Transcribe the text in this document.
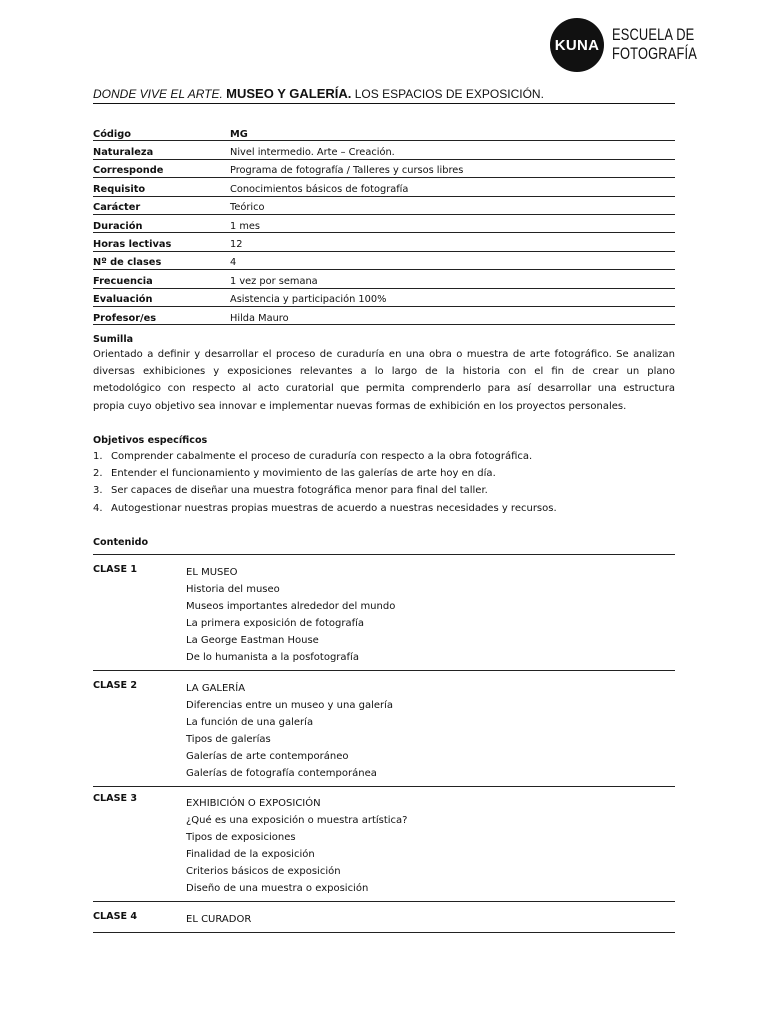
KUNA
ESCUELA DE
FOTOGRAFÍA
DONDE VIVE EL ARTE. MUSEO Y GALERÍA. LOS ESPACIOS DE EXPOSICIÓN.
Código	MG
Naturaleza	Nivel intermedio. Arte – Creación.
Corresponde	Programa de fotografía / Talleres y cursos libres
Requisito	Conocimientos básicos de fotografía
Carácter	Teórico
Duración	1 mes
Horas lectivas	12
Nº de clases	4
Frecuencia	1 vez por semana
Evaluación	Asistencia y participación 100%
Profesor/es	Hilda Mauro
Sumilla
Orientado a definir y desarrollar el proceso de curaduría en una obra o muestra de arte fotográfico. Se analizan
diversas exhibiciones y exposiciones relevantes a lo largo de la historia con el fin de crear un plano
metodológico con respecto al acto curatorial que permita comprenderlo para así desarrollar una estructura
propia cuyo objetivo sea innovar e implementar nuevas formas de exhibición en los proyectos personales.
Objetivos específicos
1. Comprender cabalmente el proceso de curaduría con respecto a la obra fotográfica.
2. Entender el funcionamiento y movimiento de las galerías de arte hoy en día.
3. Ser capaces de diseñar una muestra fotográfica menor para final del taller.
4. Autogestionar nuestras propias muestras de acuerdo a nuestras necesidades y recursos.
Contenido
CLASE 1	EL MUSEO
Historia del museo
Museos importantes alrededor del mundo
La primera exposición de fotografía
La George Eastman House
De lo humanista a la posfotografía
CLASE 2	LA GALERÍA
Diferencias entre un museo y una galería
La función de una galería
Tipos de galerías
Galerías de arte contemporáneo
Galerías de fotografía contemporánea
CLASE 3	EXHIBICIÓN O EXPOSICIÓN
¿Qué es una exposición o muestra artística?
Tipos de exposiciones
Finalidad de la exposición
Criterios básicos de exposición
Diseño de una muestra o exposición
CLASE 4	EL CURADOR
